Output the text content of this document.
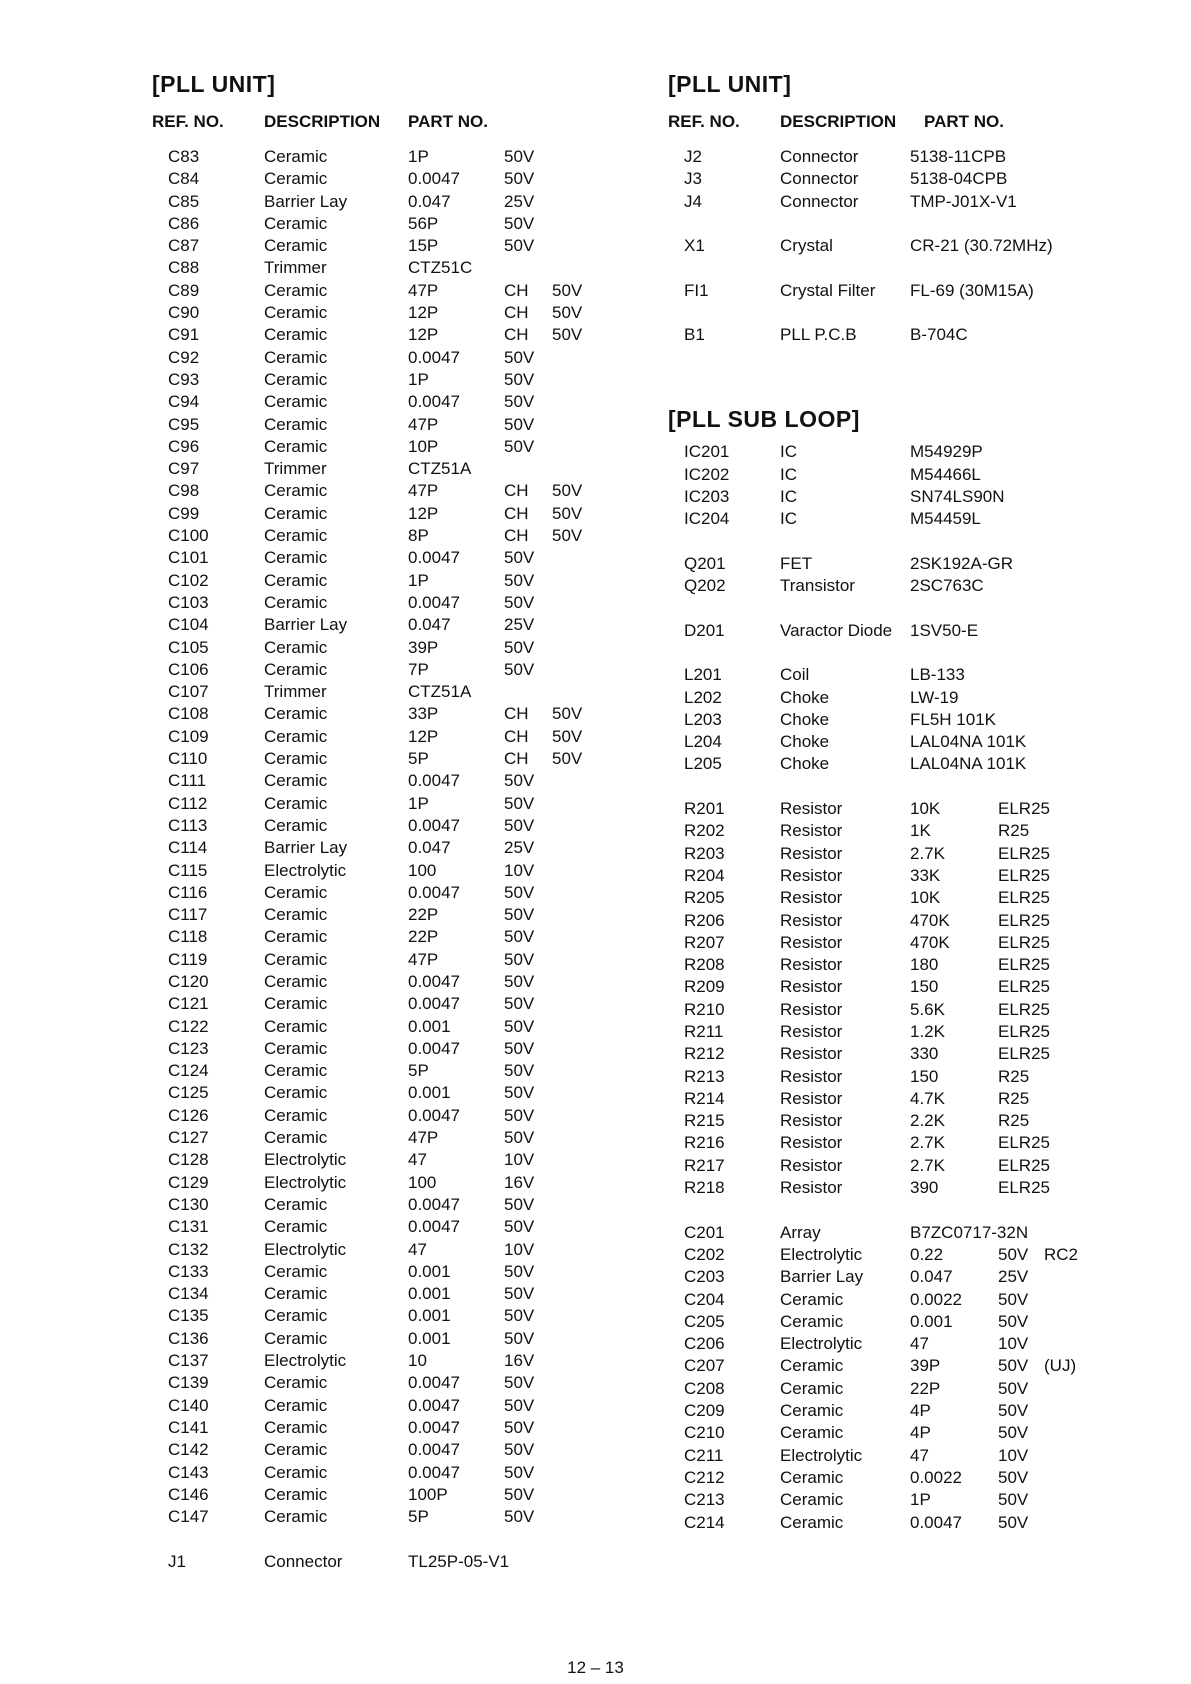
[PLL UNIT]
REF. NO.	DESCRIPTION	PART NO.
C83	Ceramic	1P	50V
C84	Ceramic	0.0047	50V
C85	Barrier Lay	0.047	25V
C86	Ceramic	56P	50V
C87	Ceramic	15P	50V
C88	Trimmer	CTZ51C
C89	Ceramic	47P	CH	50V
C90	Ceramic	12P	CH	50V
C91	Ceramic	12P	CH	50V
C92	Ceramic	0.0047	50V
C93	Ceramic	1P	50V
C94	Ceramic	0.0047	50V
C95	Ceramic	47P	50V
C96	Ceramic	10P	50V
C97	Trimmer	CTZ51A
C98	Ceramic	47P	CH	50V
C99	Ceramic	12P	CH	50V
C100	Ceramic	8P	CH	50V
C101	Ceramic	0.0047	50V
C102	Ceramic	1P	50V
C103	Ceramic	0.0047	50V
C104	Barrier Lay	0.047	25V
C105	Ceramic	39P	50V
C106	Ceramic	7P	50V
C107	Trimmer	CTZ51A
C108	Ceramic	33P	CH	50V
C109	Ceramic	12P	CH	50V
C110	Ceramic	5P	CH	50V
C111	Ceramic	0.0047	50V
C112	Ceramic	1P	50V
C113	Ceramic	0.0047	50V
C114	Barrier Lay	0.047	25V
C115	Electrolytic	100	10V
C116	Ceramic	0.0047	50V
C117	Ceramic	22P	50V
C118	Ceramic	22P	50V
C119	Ceramic	47P	50V
C120	Ceramic	0.0047	50V
C121	Ceramic	0.0047	50V
C122	Ceramic	0.001	50V
C123	Ceramic	0.0047	50V
C124	Ceramic	5P	50V
C125	Ceramic	0.001	50V
C126	Ceramic	0.0047	50V
C127	Ceramic	47P	50V
C128	Electrolytic	47	10V
C129	Electrolytic	100	16V
C130	Ceramic	0.0047	50V
C131	Ceramic	0.0047	50V
C132	Electrolytic	47	10V
C133	Ceramic	0.001	50V
C134	Ceramic	0.001	50V
C135	Ceramic	0.001	50V
C136	Ceramic	0.001	50V
C137	Electrolytic	10	16V
C139	Ceramic	0.0047	50V
C140	Ceramic	0.0047	50V
C141	Ceramic	0.0047	50V
C142	Ceramic	0.0047	50V
C143	Ceramic	0.0047	50V
C146	Ceramic	100P	50V
C147	Ceramic	5P	50V
J1	Connector	TL25P-05-V1
[PLL UNIT]
REF. NO.	DESCRIPTION	PART NO.
J2	Connector	5138-11CPB
J3	Connector	5138-04CPB
J4	Connector	TMP-J01X-V1
X1	Crystal	CR-21 (30.72MHz)
FI1	Crystal Filter	FL-69 (30M15A)
B1	PLL P.C.B	B-704C
[PLL SUB LOOP]
IC201	IC	M54929P
IC202	IC	M54466L
IC203	IC	SN74LS90N
IC204	IC	M54459L
Q201	FET	2SK192A-GR
Q202	Transistor	2SC763C
D201	Varactor Diode	1SV50-E
L201	Coil	LB-133
L202	Choke	LW-19
L203	Choke	FL5H 101K
L204	Choke	LAL04NA 101K
L205	Choke	LAL04NA 101K
R201	Resistor	10K	ELR25
R202	Resistor	1K	R25
R203	Resistor	2.7K	ELR25
R204	Resistor	33K	ELR25
R205	Resistor	10K	ELR25
R206	Resistor	470K	ELR25
R207	Resistor	470K	ELR25
R208	Resistor	180	ELR25
R209	Resistor	150	ELR25
R210	Resistor	5.6K	ELR25
R211	Resistor	1.2K	ELR25
R212	Resistor	330	ELR25
R213	Resistor	150	R25
R214	Resistor	4.7K	R25
R215	Resistor	2.2K	R25
R216	Resistor	2.7K	ELR25
R217	Resistor	2.7K	ELR25
R218	Resistor	390	ELR25
C201	Array	B7ZC0717-32N
C202	Electrolytic	0.22	50V RC2
C203	Barrier Lay	0.047	25V
C204	Ceramic	0.0022	50V
C205	Ceramic	0.001	50V
C206	Electrolytic	47	10V
C207	Ceramic	39P	50V (UJ)
C208	Ceramic	22P	50V
C209	Ceramic	4P	50V
C210	Ceramic	4P	50V
C211	Electrolytic	47	10V
C212	Ceramic	0.0022	50V
C213	Ceramic	1P	50V
C214	Ceramic	0.0047	50V
12 – 13
